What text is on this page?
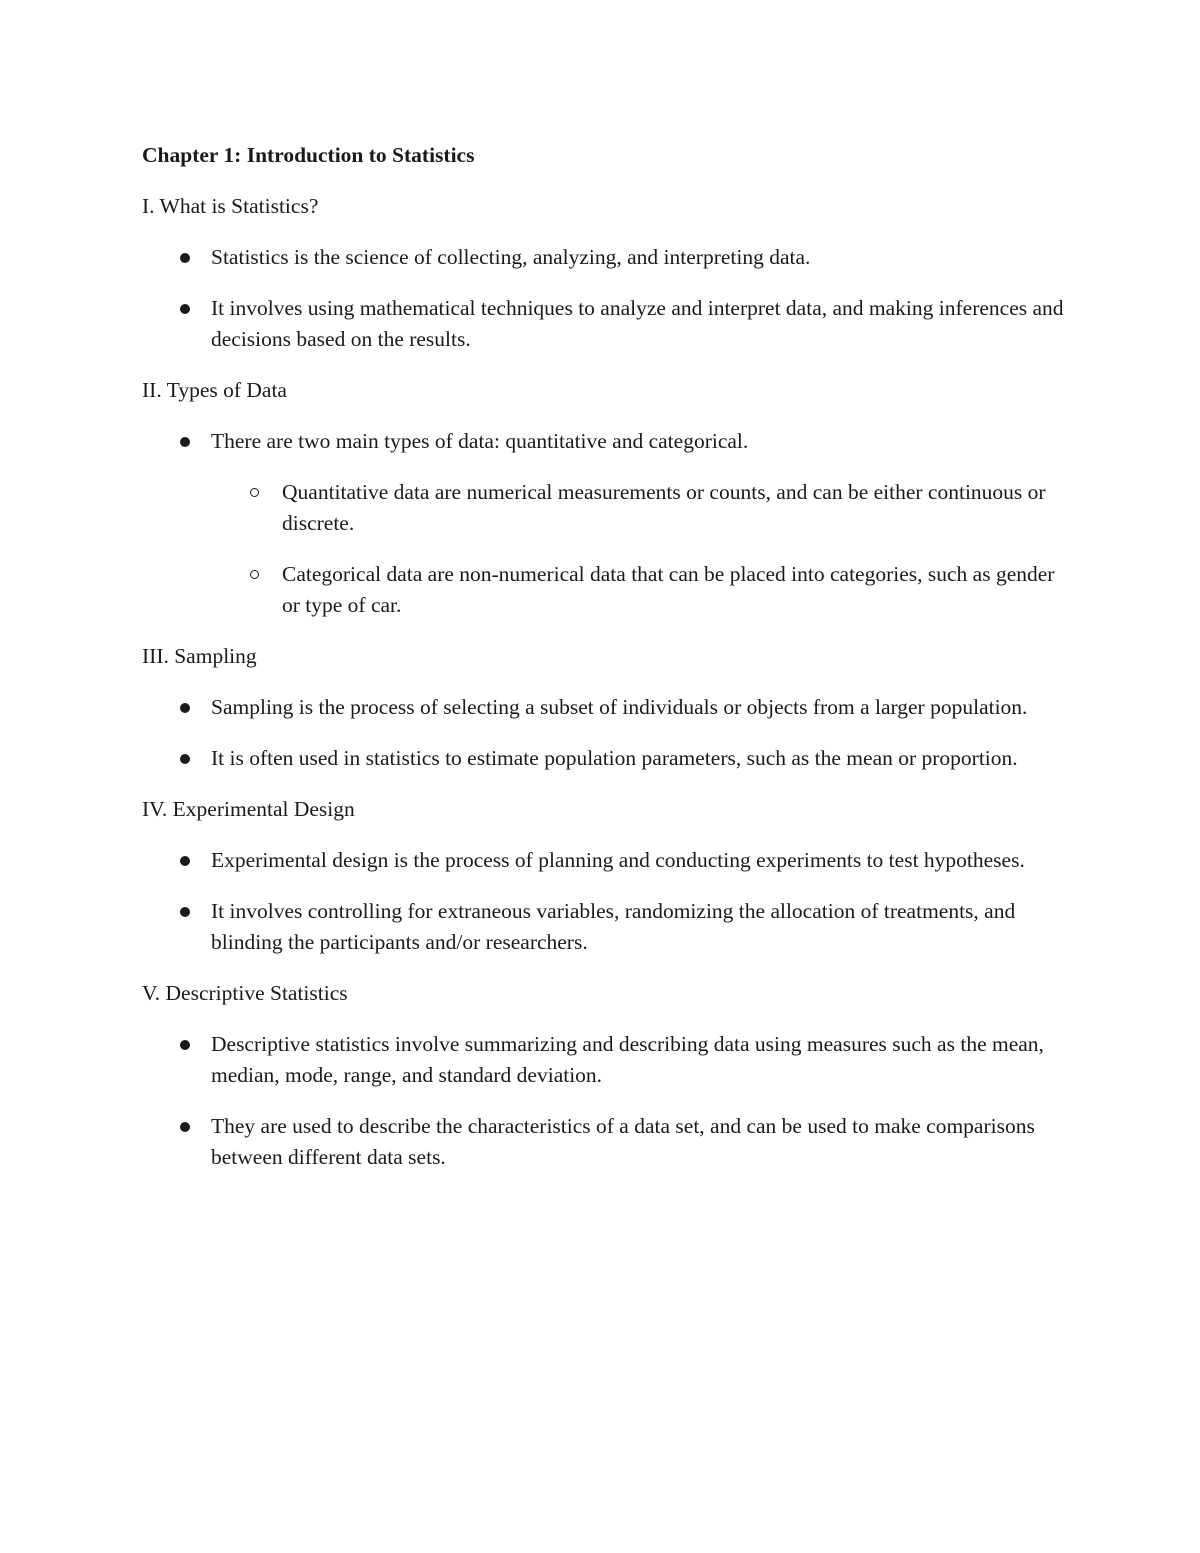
Chapter 1: Introduction to Statistics
I. What is Statistics?
Statistics is the science of collecting, analyzing, and interpreting data.
It involves using mathematical techniques to analyze and interpret data, and making inferences and decisions based on the results.
II. Types of Data
There are two main types of data: quantitative and categorical.
Quantitative data are numerical measurements or counts, and can be either continuous or discrete.
Categorical data are non-numerical data that can be placed into categories, such as gender or type of car.
III. Sampling
Sampling is the process of selecting a subset of individuals or objects from a larger population.
It is often used in statistics to estimate population parameters, such as the mean or proportion.
IV. Experimental Design
Experimental design is the process of planning and conducting experiments to test hypotheses.
It involves controlling for extraneous variables, randomizing the allocation of treatments, and blinding the participants and/or researchers.
V. Descriptive Statistics
Descriptive statistics involve summarizing and describing data using measures such as the mean, median, mode, range, and standard deviation.
They are used to describe the characteristics of a data set, and can be used to make comparisons between different data sets.
